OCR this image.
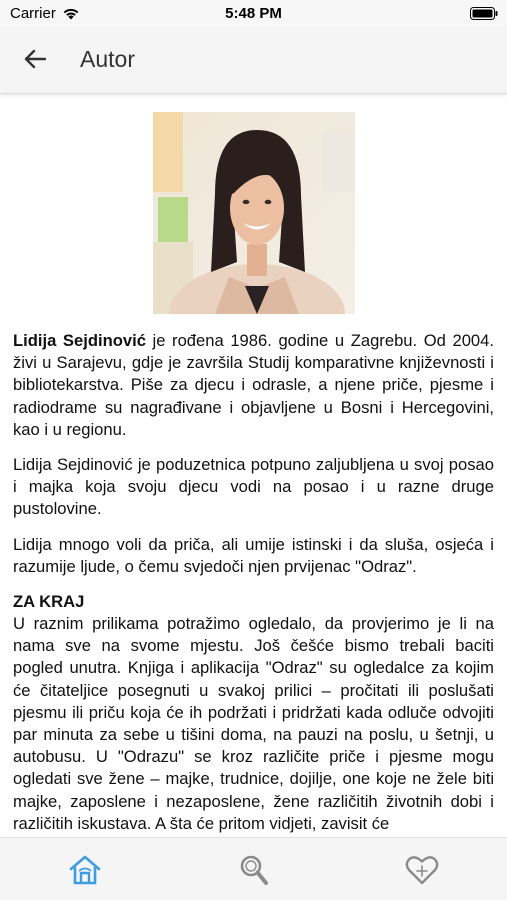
Carrier	5:48 PM
Autor

Lidija Sejdinović je rođena 1986. godine u Zagrebu. Od 2004. živi u Sarajevu, gdje je završila Studij komparativne književnosti i bibliotekarstva. Piše za djecu i odrasle, a njene priče, pjesme i radiodrame su nagrađivane i objavljene u Bosni i Hercegovini, kao i u regionu.

Lidija Sejdinović je poduzetnica potpuno zaljubljena u svoj posao i majka koja svoju djecu vodi na posao i u razne druge pustolovine.

Lidija mnogo voli da priča, ali umije istinski i da sluša, osjeća i razumije ljude, o čemu svjedoči njen prvijenac "Odraz".

ZA KRAJ

U raznim prilikama potražimo ogledalo, da provjerimo je li na nama sve na svome mjestu. Još češće bismo trebali baciti pogled unutra. Knjiga i aplikacija "Odraz" su ogledalce za kojim će čitateljice posegnuti u svakoj prilici – pročitati ili poslušati pjesmu ili priču koja će ih podržati i pridržati kada odluče odvojiti par minuta za sebe u tišini doma, na pauzi na poslu, u šetnji, u autobusu. U "Odrazu" se kroz različite priče i pjesme mogu ogledati sve žene – majke, trudnice, dojilje, one koje ne žele biti majke, zaposlene i nezaposlene, žene različitih životnih dobi i različitih iskustava. A šta će pritom vidjeti, zavisit će
